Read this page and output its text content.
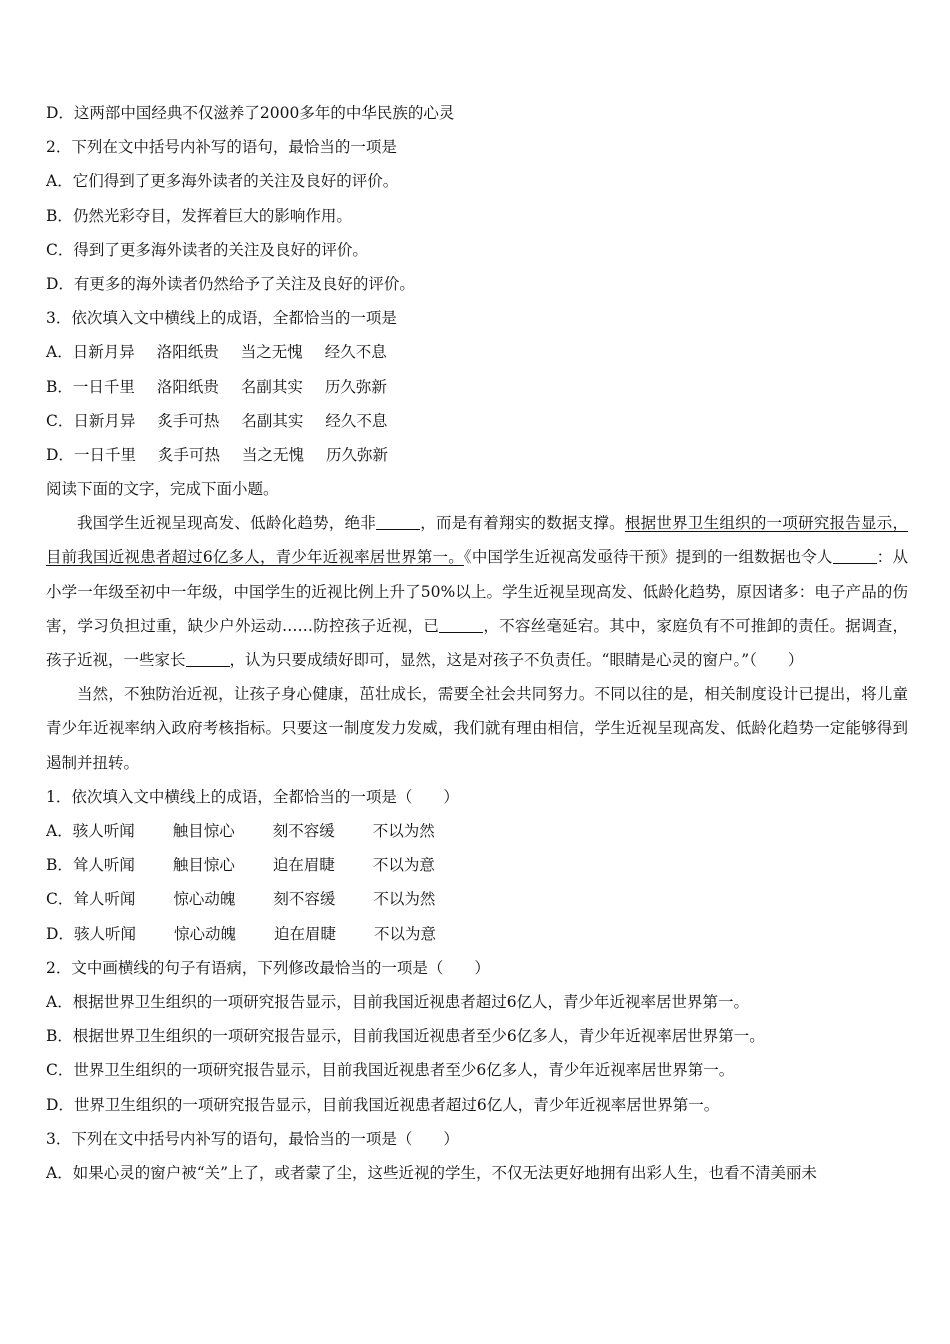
D．这两部中国经典不仅滋养了2000多年的中华民族的心灵
2．下列在文中括号内补写的语句，最恰当的一项是
A．它们得到了更多海外读者的关注及良好的评价。
B．仍然光彩夺目，发挥着巨大的影响作用。
C．得到了更多海外读者的关注及良好的评价。
D．有更多的海外读者仍然给予了关注及良好的评价。
3．依次填入文中横线上的成语，全都恰当的一项是
A．日新月异 洛阳纸贵 当之无愧 经久不息
B．一日千里 洛阳纸贵 名副其实 历久弥新
C．日新月异 炙手可热 名副其实 经久不息
D．一日千里 炙手可热 当之无愧 历久弥新
阅读下面的文字，完成下面小题。

我国学生近视呈现高发、低龄化趋势，绝非	，而是有着翔实的数据支撑。根据世界卫生组织的一项研究报告显示，目前我国近视患者超过6亿多人，青少年近视率居世界第一。《中国学生近视高发亟待干预》提到的一组数据也令人	：从小学一年级至初中一年级，中国学生的近视比例上升了50%以上。学生近视呈现高发、低龄化趋势，原因诸多：电子产品的伤害，学习负担过重，缺少户外运动……防控孩子近视，已	，不容丝毫延宕。其中，家庭负有不可推卸的责任。据调查，孩子近视，一些家长	，认为只要成绩好即可，显然，这是对孩子不负责任。“眼睛是心灵的窗户。”（　　）

当然，不独防治近视，让孩子身心健康，茁壮成长，需要全社会共同努力。不同以往的是，相关制度设计已提出，将儿童青少年近视率纳入政府考核指标。只要这一制度发力发威，我们就有理由相信，学生近视呈现高发、低龄化趋势一定能够得到遏制并扭转。

1．依次填入文中横线上的成语，全都恰当的一项是（　　）
A．骇人听闻 触目惊心 刻不容缓 不以为然
B．耸人听闻 触目惊心 迫在眉睫 不以为意
C．耸人听闻 惊心动魄 刻不容缓 不以为然
D．骇人听闻 惊心动魄 迫在眉睫 不以为意
2．文中画横线的句子有语病，下列修改最恰当的一项是（　　）
A．根据世界卫生组织的一项研究报告显示，目前我国近视患者超过6亿人，青少年近视率居世界第一。
B．根据世界卫生组织的一项研究报告显示，目前我国近视患者至少6亿多人，青少年近视率居世界第一。
C．世界卫生组织的一项研究报告显示，目前我国近视患者至少6亿多人，青少年近视率居世界第一。
D．世界卫生组织的一项研究报告显示，目前我国近视患者超过6亿人，青少年近视率居世界第一。
3．下列在文中括号内补写的语句，最恰当的一项是（　　）
A．如果心灵的窗户被“关”上了，或者蒙了尘，这些近视的学生，不仅无法更好地拥有出彩人生，也看不清美丽未
